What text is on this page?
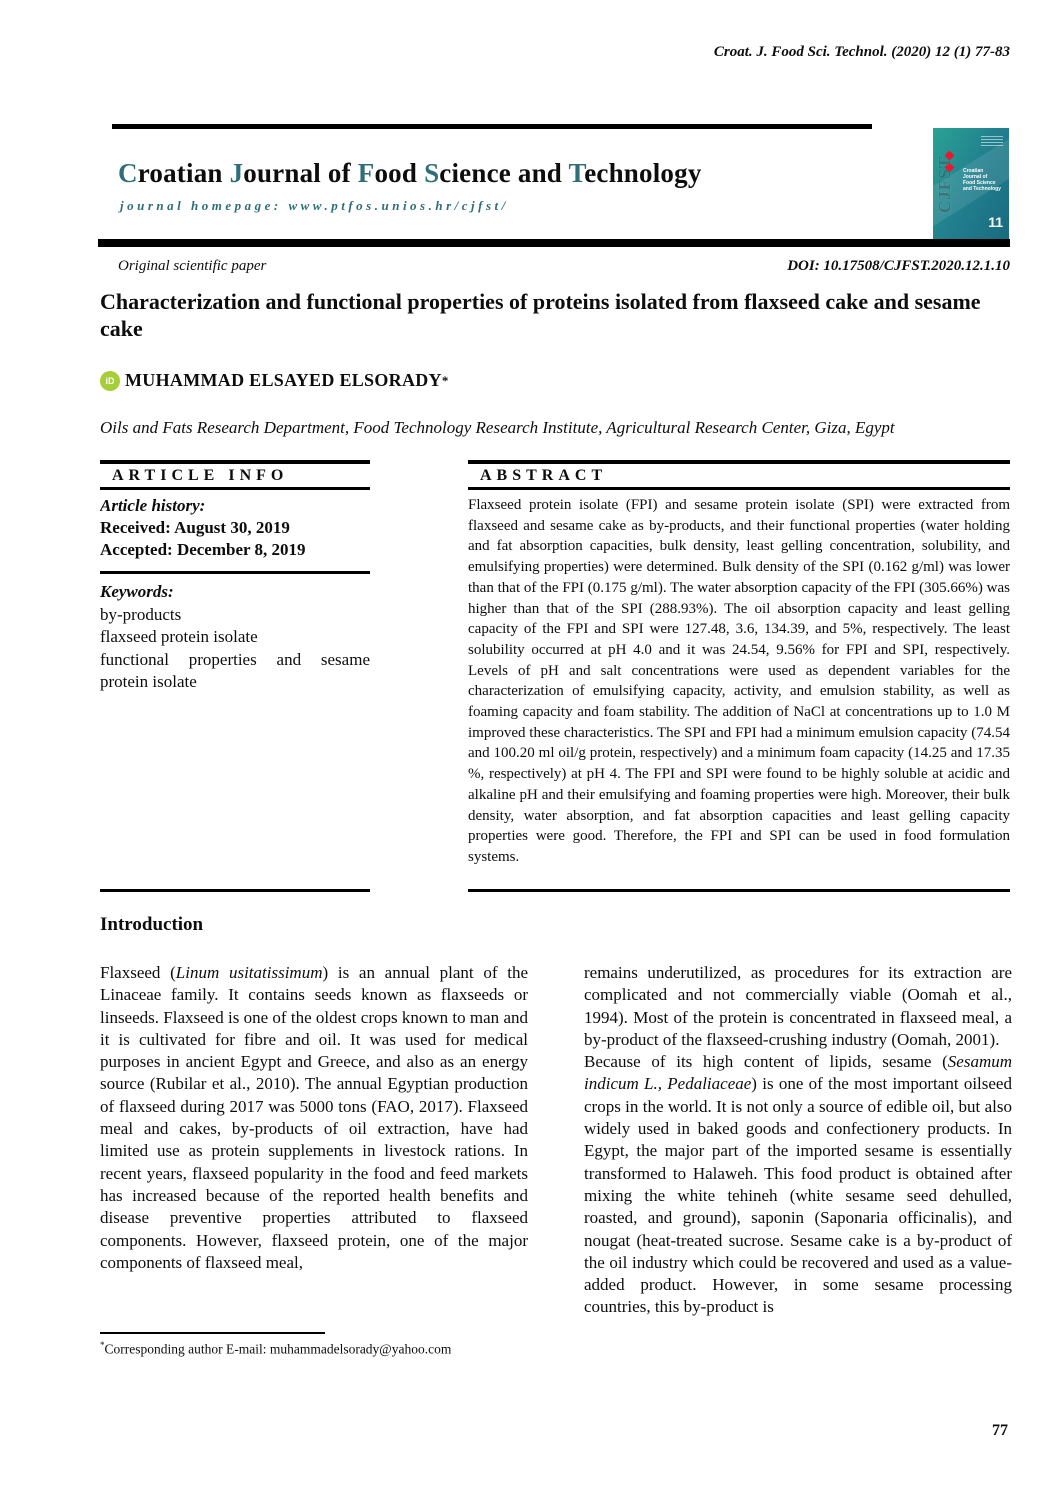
Croat. J. Food Sci. Technol. (2020) 12 (1) 77-83
Croatian Journal of Food Science and Technology
journal homepage: www.ptfos.unios.hr/cjfst/	CJFST Croatian
Journal of
Food Science
and Technology
11
Original scientific paper	DOI: 10.17508/CJFST.2020.12.1.10
Characterization and functional properties of proteins isolated from flaxseed cake and sesame cake
iD MUHAMMAD ELSAYED ELSORADY *
Oils and Fats Research Department, Food Technology Research Institute, Agricultural Research Center, Giza, Egypt
ARTICLE INFO
Article history:
Received: August 30, 2019
Accepted: December 8, 2019
Keywords:
by-products
flaxseed protein isolate
functional properties and sesame protein isolate
ABSTRACT
Flaxseed protein isolate (FPI) and sesame protein isolate (SPI) were extracted from flaxseed and sesame cake as by-products, and their functional properties (water holding and fat absorption capacities, bulk density, least gelling concentration, solubility, and emulsifying properties) were determined. Bulk density of the SPI (0.162 g/ml) was lower than that of the FPI (0.175 g/ml). The water absorption capacity of the FPI (305.66%) was higher than that of the SPI (288.93%). The oil absorption capacity and least gelling capacity of the FPI and SPI were 127.48, 3.6, 134.39, and 5%, respectively. The least solubility occurred at pH 4.0 and it was 24.54, 9.56% for FPI and SPI, respectively. Levels of pH and salt concentrations were used as dependent variables for the characterization of emulsifying capacity, activity, and emulsion stability, as well as foaming capacity and foam stability. The addition of NaCl at concentrations up to 1.0 M improved these characteristics. The SPI and FPI had a minimum emulsion capacity (74.54 and 100.20 ml oil/g protein, respectively) and a minimum foam capacity (14.25 and 17.35 %, respectively) at pH 4. The FPI and SPI were found to be highly soluble at acidic and alkaline pH and their emulsifying and foaming properties were high. Moreover, their bulk density, water absorption, and fat absorption capacities and least gelling capacity properties were good. Therefore, the FPI and SPI can be used in food formulation systems.
Introduction

Flaxseed (Linum usitatissimum) is an annual plant of the Linaceae family. It contains seeds known as flaxseeds or linseeds. Flaxseed is one of the oldest crops known to man and it is cultivated for fibre and oil. It was used for medical purposes in ancient Egypt and Greece, and also as an energy source (Rubilar et al., 2010). The annual Egyptian production of flaxseed during 2017 was 5000 tons (FAO, 2017). Flaxseed meal and cakes, by-products of oil extraction, have had limited use as protein supplements in livestock rations. In recent years, flaxseed popularity in the food and feed markets has increased because of the reported health benefits and disease preventive properties attributed to flaxseed components. However, flaxseed protein, one of the major components of flaxseed meal,

remains underutilized, as procedures for its extraction are complicated and not commercially viable (Oomah et al., 1994). Most of the protein is concentrated in flaxseed meal, a by-product of the flaxseed-crushing industry (Oomah, 2001).

Because of its high content of lipids, sesame (Sesamum indicum L., Pedaliaceae) is one of the most important oilseed crops in the world. It is not only a source of edible oil, but also widely used in baked goods and confectionery products. In Egypt, the major part of the imported sesame is essentially transformed to Halaweh. This food product is obtained after mixing the white tehineh (white sesame seed dehulled, roasted, and ground), saponin (Saponaria officinalis), and nougat (heat-treated sucrose. Sesame cake is a by-product of the oil industry which could be recovered and used as a value-added product. However, in some sesame processing countries, this by-product is

*Corresponding author E-mail: muhammadelsorady@yahoo.com
77
